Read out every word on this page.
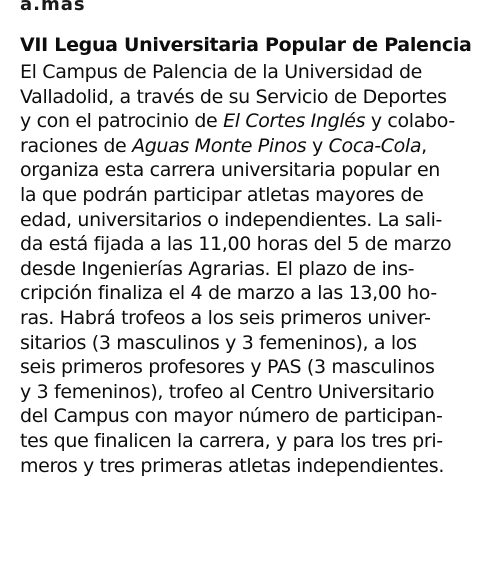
a.mas
VII Legua Universitaria Popular de Palencia
El Campus de Palencia de la Universidad de
Valladolid, a través de su Servicio de Deportes
y con el patrocinio de El Cortes Inglés y colabo-
raciones de Aguas Monte Pinos y Coca-Cola,
organiza esta carrera universitaria popular en
la que podrán participar atletas mayores de
edad, universitarios o independientes. La sali-
da está fijada a las 11,00 horas del 5 de marzo
desde Ingenierías Agrarias. El plazo de ins-
cripción finaliza el 4 de marzo a las 13,00 ho-
ras. Habrá trofeos a los seis primeros univer-
sitarios (3 masculinos y 3 femeninos), a los
seis primeros profesores y PAS (3 masculinos
y 3 femeninos), trofeo al Centro Universitario
del Campus con mayor número de participan-
tes que finalicen la carrera, y para los tres pri-
meros y tres primeras atletas independientes.
